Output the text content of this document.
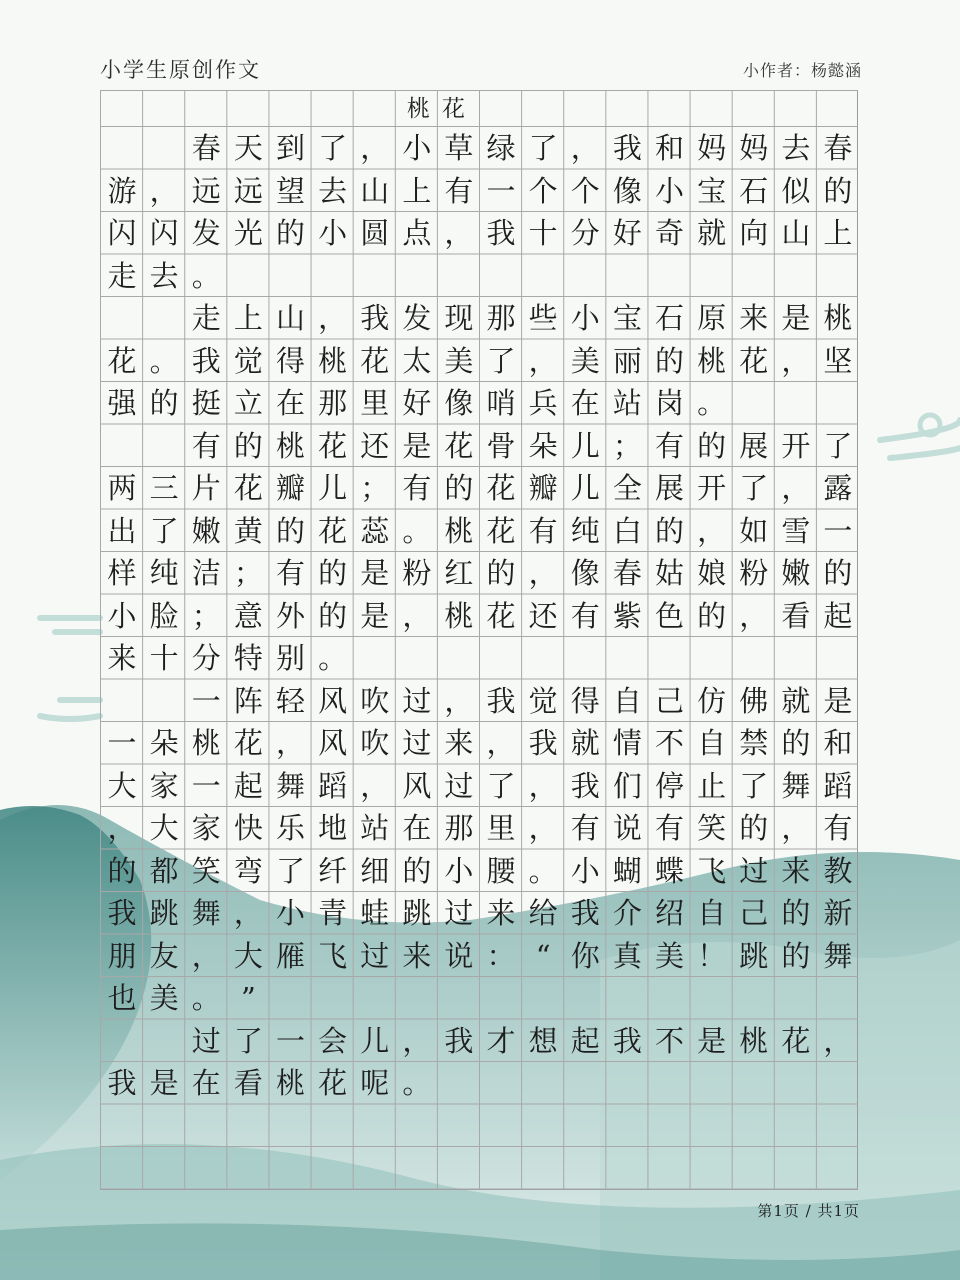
小学生原创作文	小作者：杨懿涵
桃花
春 天 到 了 ， 小 草 绿 了 ， 我 和 妈 妈 去 春
游 ， 远 远 望 去 山 上 有 一 个 个 像 小 宝 石 似 的
闪 闪 发 光 的 小 圆 点 ， 我 十 分 好 奇 就 向 山 上
走 去 。
走 上 山 ， 我 发 现 那 些 小 宝 石 原 来 是 桃
花 。 我 觉 得 桃 花 太 美 了 ， 美 丽 的 桃 花 ， 坚
强 的 挺 立 在 那 里 好 像 哨 兵 在 站 岗 。
有 的 桃 花 还 是 花 骨 朵 儿 ； 有 的 展 开 了
两 三 片 花 瓣 儿 ； 有 的 花 瓣 儿 全 展 开 了 ， 露
出 了 嫩 黄 的 花 蕊 。 桃 花 有 纯 白 的 ， 如 雪 一
样 纯 洁 ； 有 的 是 粉 红 的 ， 像 春 姑 娘 粉 嫩 的
小 脸 ； 意 外 的 是 ， 桃 花 还 有 紫 色 的 ， 看 起
来 十 分 特 别 。
一 阵 轻 风 吹 过 ， 我 觉 得 自 己 仿 佛 就 是
一 朵 桃 花 ， 风 吹 过 来 ， 我 就 情 不 自 禁 的 和
大 家 一 起 舞 蹈 ， 风 过 了 ， 我 们 停 止 了 舞 蹈
， 大 家 快 乐 地 站 在 那 里 ， 有 说 有 笑 的 ， 有
的 都 笑 弯 了 纤 细 的 小 腰 。 小 蝴 蝶 飞 过 来 教
我 跳 舞 ， 小 青 蛙 跳 过 来 给 我 介 绍 自 己 的 新
朋 友 ， 大 雁 飞 过 来 说 ： “ 你 真 美 ！ 跳 的 舞
也 美 。 ”
过 了 一 会 儿 ， 我 才 想 起 我 不 是 桃 花 ，
我 是 在 看 桃 花 呢 。
第1页 / 共1页
